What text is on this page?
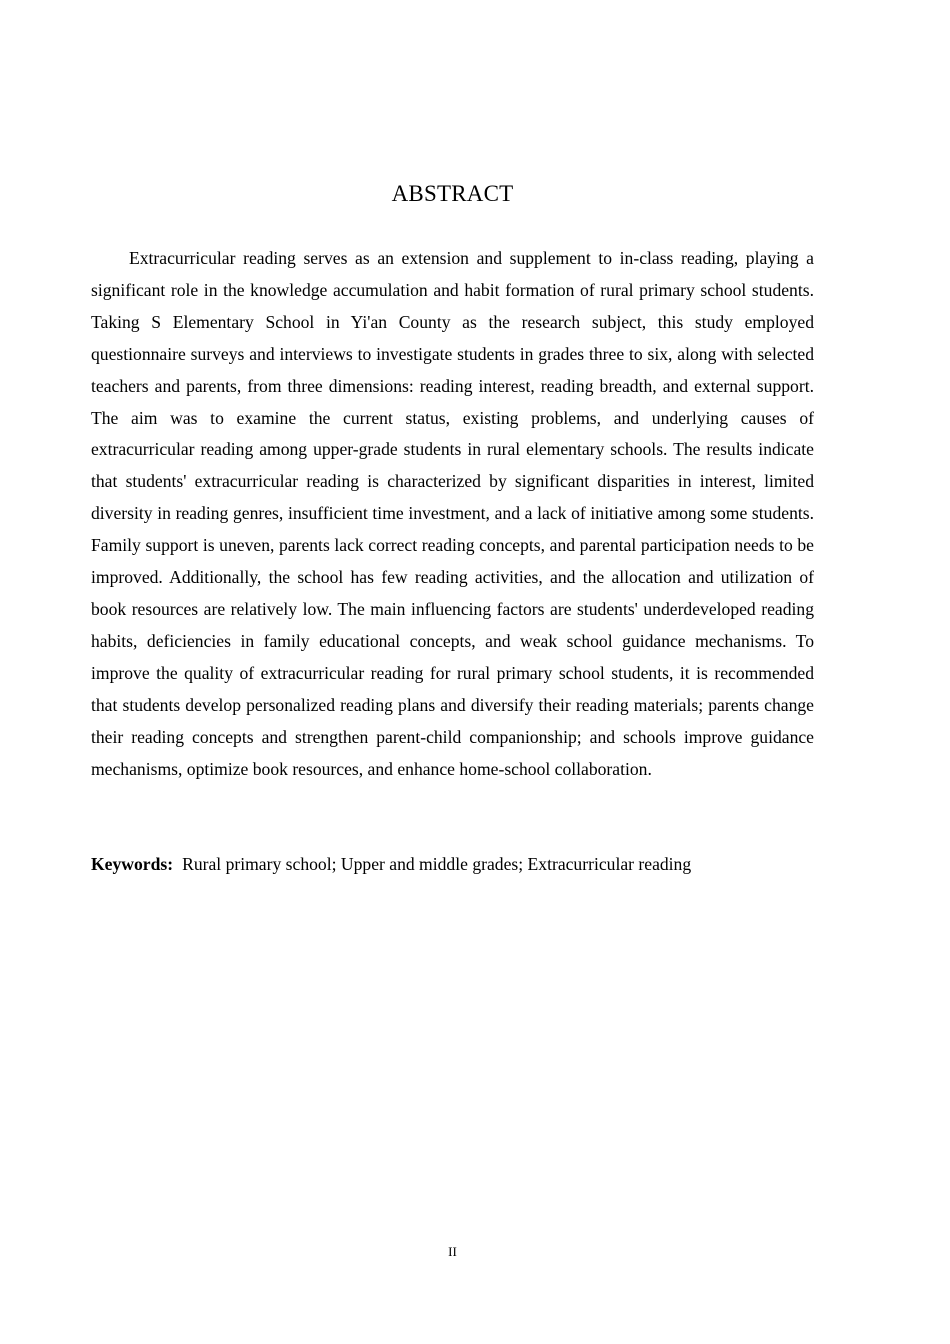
ABSTRACT

Extracurricular reading serves as an extension and supplement to in-class reading, playing a significant role in the knowledge accumulation and habit formation of rural primary school students. Taking S Elementary School in Yi'an County as the research subject, this study employed questionnaire surveys and interviews to investigate students in grades three to six, along with selected teachers and parents, from three dimensions: reading interest, reading breadth, and external support. The aim was to examine the current status, existing problems, and underlying causes of extracurricular reading among upper-grade students in rural elementary schools. The results indicate that students' extracurricular reading is characterized by significant disparities in interest, limited diversity in reading genres, insufficient time investment, and a lack of initiative among some students. Family support is uneven, parents lack correct reading concepts, and parental participation needs to be improved. Additionally, the school has few reading activities, and the allocation and utilization of book resources are relatively low. The main influencing factors are students' underdeveloped reading habits, deficiencies in family educational concepts, and weak school guidance mechanisms. To improve the quality of extracurricular reading for rural primary school students, it is recommended that students develop personalized reading plans and diversify their reading materials; parents change their reading concepts and strengthen parent-child companionship; and schools improve guidance mechanisms, optimize book resources, and enhance home-school collaboration.

Keywords: Rural primary school; Upper and middle grades; Extracurricular reading

II
